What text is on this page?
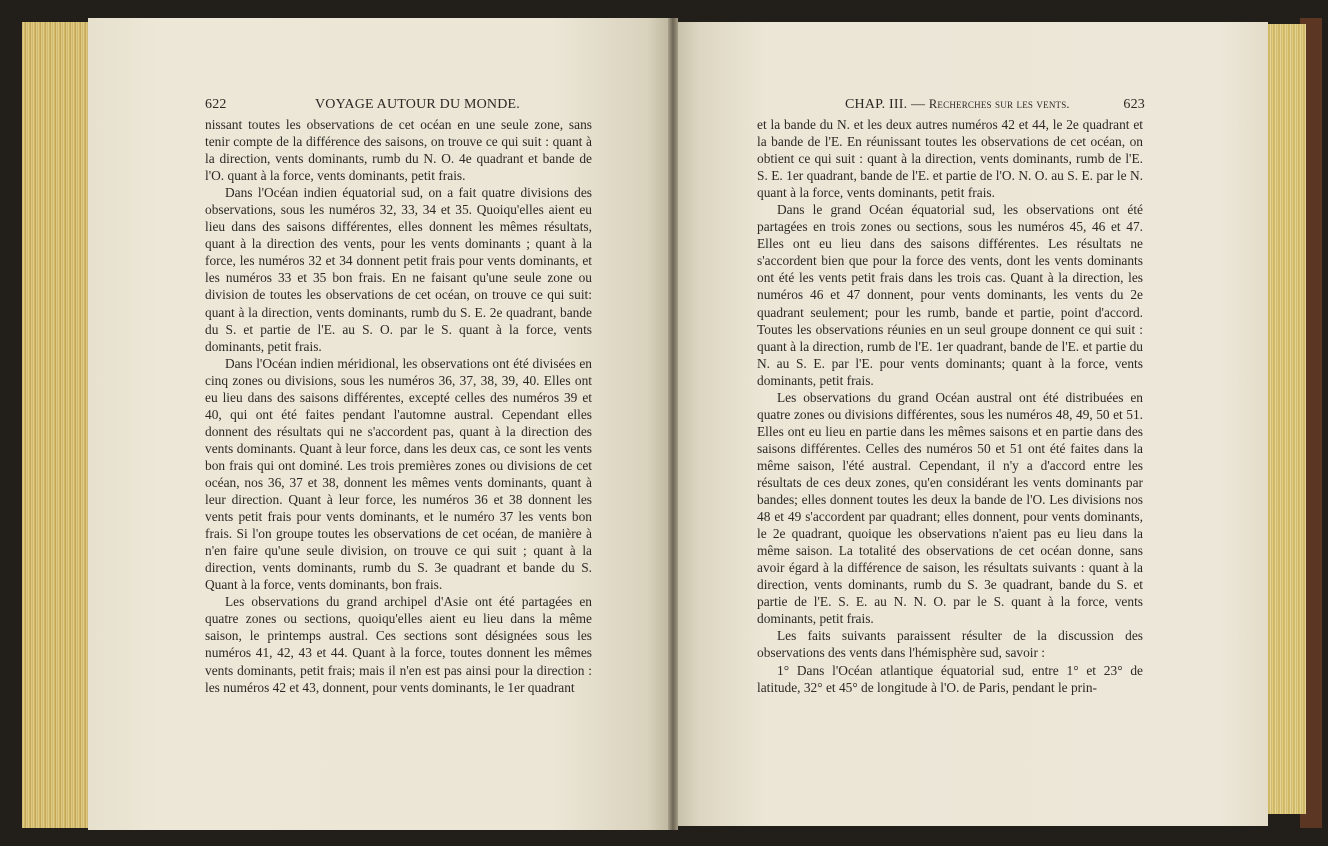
622	VOYAGE AUTOUR DU MONDE.	CHAP. III. — Recherches sur les vents.	623

nissant toutes les observations de cet océan en une seule zone, sans tenir compte de la différence des saisons, on trouve ce qui suit : quant à la direction, vents dominants, rumb du N. O. 4e quadrant et bande de l'O. quant à la force, vents dominants, petit frais.

Dans l'Océan indien équatorial sud, on a fait quatre divisions des observations, sous les numéros 32, 33, 34 et 35. Quoiqu'elles aient eu lieu dans des saisons différentes, elles donnent les mêmes résultats, quant à la direction des vents, pour les vents dominants ; quant à la force, les numéros 32 et 34 donnent petit frais pour vents dominants, et les numéros 33 et 35 bon frais. En ne faisant qu'une seule zone ou division de toutes les observations de cet océan, on trouve ce qui suit: quant à la direction, vents dominants, rumb du S. E. 2e quadrant, bande du S. et partie de l'E. au S. O. par le S. quant à la force, vents dominants, petit frais.

Dans l'Océan indien méridional, les observations ont été divisées en cinq zones ou divisions, sous les numéros 36, 37, 38, 39, 40. Elles ont eu lieu dans des saisons différentes, excepté celles des numéros 39 et 40, qui ont été faites pendant l'automne austral. Cependant elles donnent des résultats qui ne s'accordent pas, quant à la direction des vents dominants. Quant à leur force, dans les deux cas, ce sont les vents bon frais qui ont dominé. Les trois premières zones ou divisions de cet océan, nos 36, 37 et 38, donnent les mêmes vents dominants, quant à leur direction. Quant à leur force, les numéros 36 et 38 donnent les vents petit frais pour vents dominants, et le numéro 37 les vents bon frais. Si l'on groupe toutes les observations de cet océan, de manière à n'en faire qu'une seule division, on trouve ce qui suit ; quant à la direction, vents dominants, rumb du S. 3e quadrant et bande du S. Quant à la force, vents dominants, bon frais.

Les observations du grand archipel d'Asie ont été partagées en quatre zones ou sections, quoiqu'elles aient eu lieu dans la même saison, le printemps austral. Ces sections sont désignées sous les numéros 41, 42, 43 et 44. Quant à la force, toutes donnent les mêmes vents dominants, petit frais; mais il n'en est pas ainsi pour la direction : les numéros 42 et 43, donnent, pour vents dominants, le 1er quadrant

et la bande du N. et les deux autres numéros 42 et 44, le 2e quadrant et la bande de l'E. En réunissant toutes les observations de cet océan, on obtient ce qui suit : quant à la direction, vents dominants, rumb de l'E. S. E. 1er quadrant, bande de l'E. et partie de l'O. N. O. au S. E. par le N. quant à la force, vents dominants, petit frais.

Dans le grand Océan équatorial sud, les observations ont été partagées en trois zones ou sections, sous les numéros 45, 46 et 47. Elles ont eu lieu dans des saisons différentes. Les résultats ne s'accordent bien que pour la force des vents, dont les vents dominants ont été les vents petit frais dans les trois cas. Quant à la direction, les numéros 46 et 47 donnent, pour vents dominants, les vents du 2e quadrant seulement; pour les rumb, bande et partie, point d'accord. Toutes les observations réunies en un seul groupe donnent ce qui suit : quant à la direction, rumb de l'E. 1er quadrant, bande de l'E. et partie du N. au S. E. par l'E. pour vents dominants; quant à la force, vents dominants, petit frais.

Les observations du grand Océan austral ont été distribuées en quatre zones ou divisions différentes, sous les numéros 48, 49, 50 et 51. Elles ont eu lieu en partie dans les mêmes saisons et en partie dans des saisons différentes. Celles des numéros 50 et 51 ont été faites dans la même saison, l'été austral. Cependant, il n'y a d'accord entre les résultats de ces deux zones, qu'en considérant les vents dominants par bandes; elles donnent toutes les deux la bande de l'O. Les divisions nos 48 et 49 s'accordent par quadrant; elles donnent, pour vents dominants, le 2e quadrant, quoique les observations n'aient pas eu lieu dans la même saison. La totalité des observations de cet océan donne, sans avoir égard à la différence de saison, les résultats suivants : quant à la direction, vents dominants, rumb du S. 3e quadrant, bande du S. et partie de l'E. S. E. au N. N. O. par le S. quant à la force, vents dominants, petit frais.

Les faits suivants paraissent résulter de la discussion des observations des vents dans l'hémisphère sud, savoir :

1° Dans l'Océan atlantique équatorial sud, entre 1° et 23° de latitude, 32° et 45° de longitude à l'O. de Paris, pendant le prin-
